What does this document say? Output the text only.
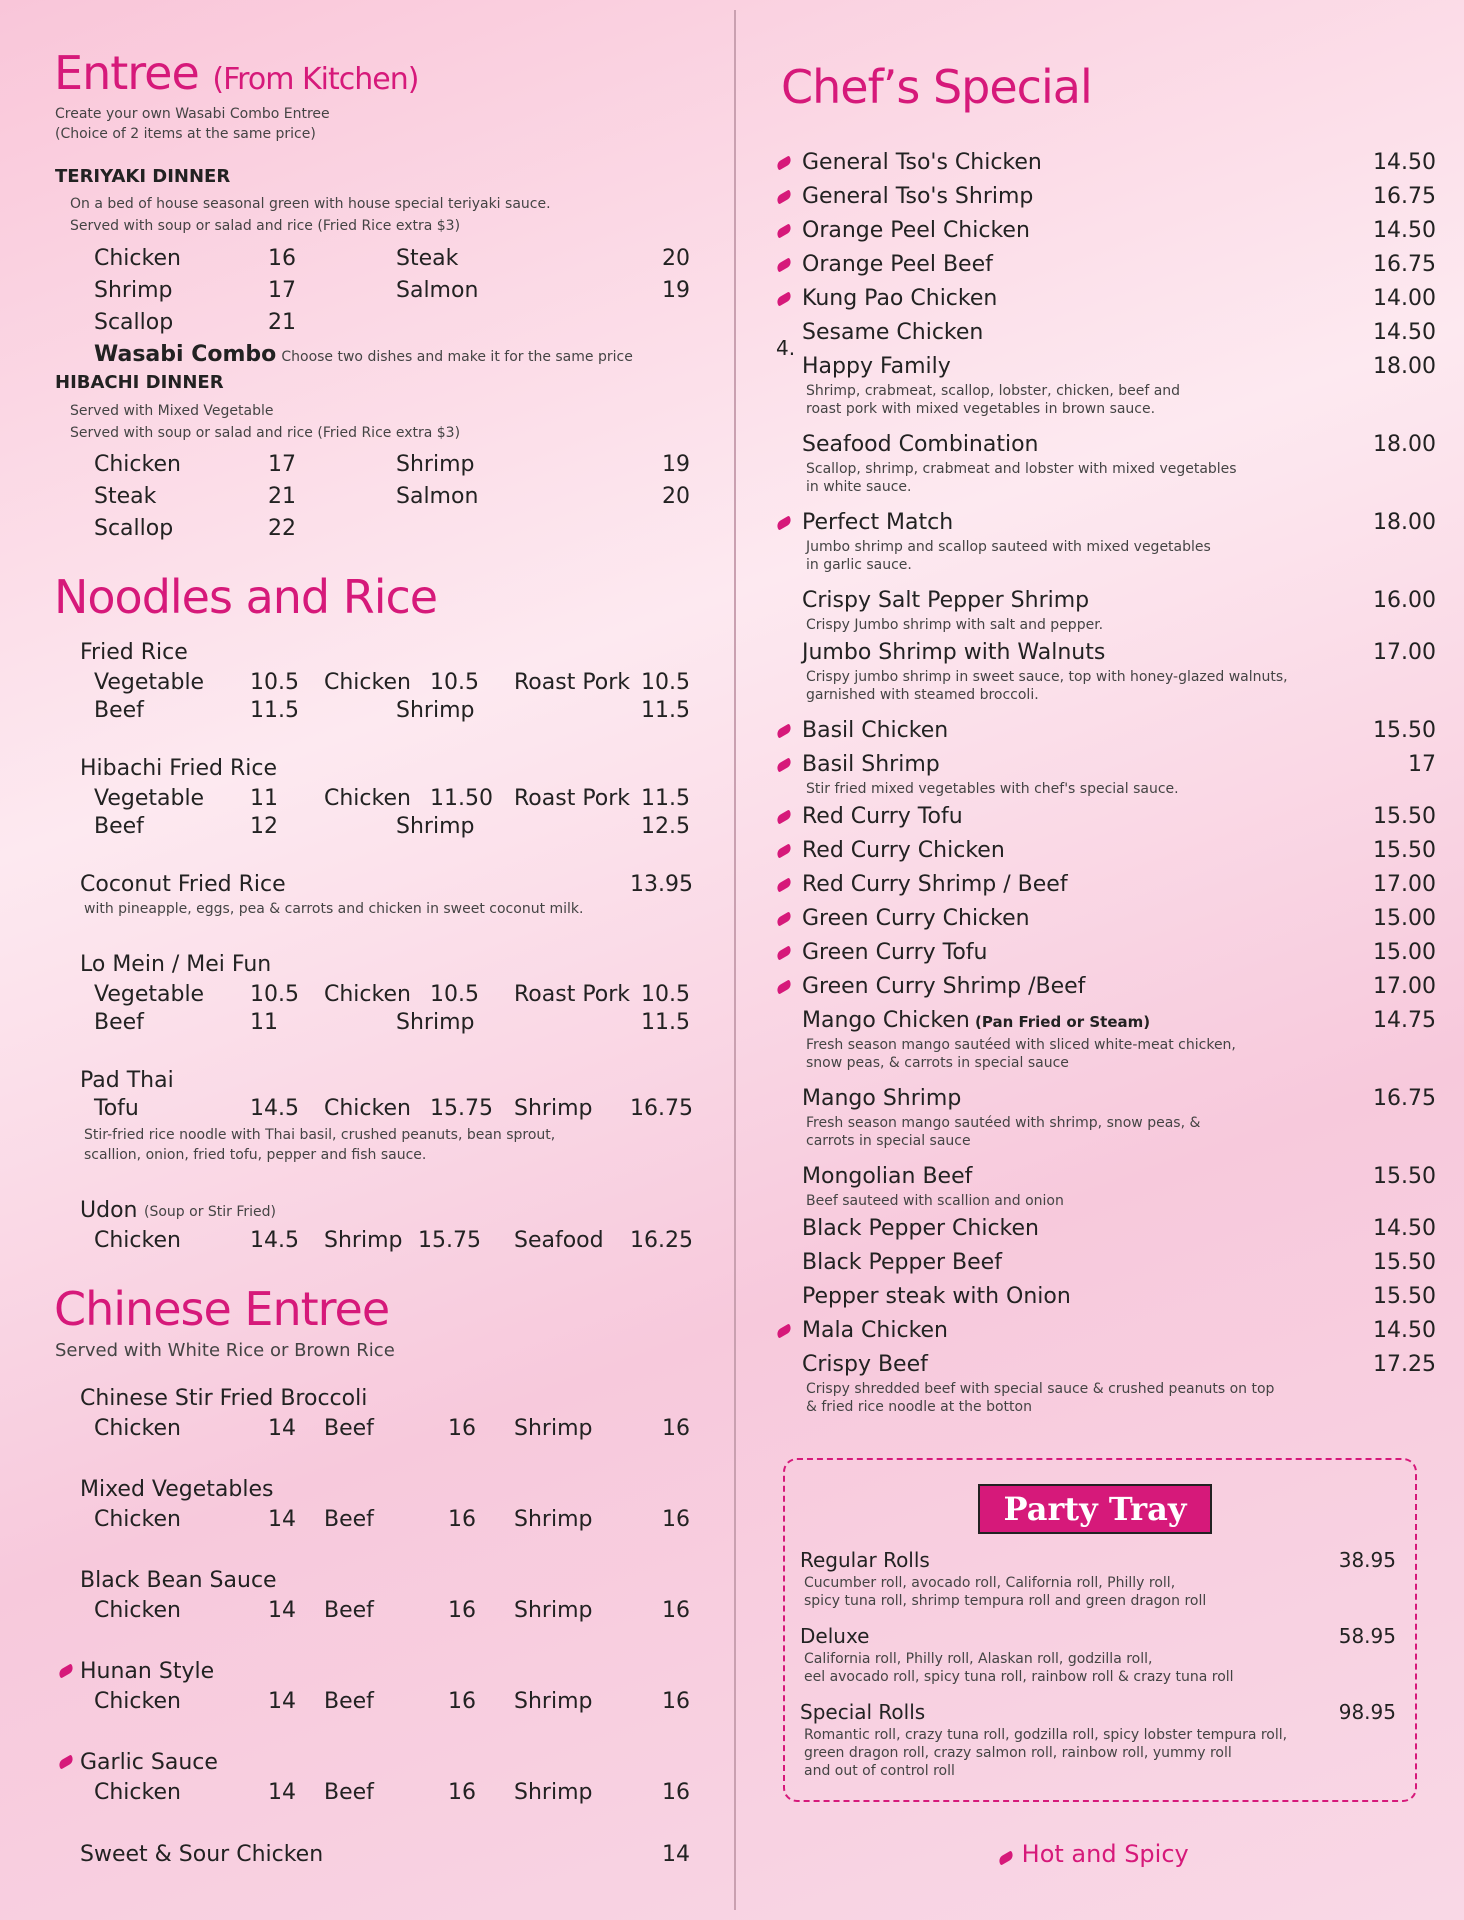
Entree (From Kitchen)
Create your own Wasabi Combo Entree
(Choice of 2 items at the same price)
TERIYAKI DINNER
On a bed of house seasonal green with house special teriyaki sauce.
Served with soup or salad and rice (Fried Rice extra $3)
Chicken	16	Steak	20
Shrimp	17	Salmon	19
Scallop	21
Wasabi Combo Choose two dishes and make it for the same price
HIBACHI DINNER
Served with Mixed Vegetable
Served with soup or salad and rice (Fried Rice extra $3)
Chicken	17	Shrimp	19
Steak	21	Salmon	20
Scallop	22
Noodles and Rice
Fried Rice
Vegetable 10.5 Chicken 10.5 Roast Pork 10.5
Beef	11.5	Shrimp	11.5
Hibachi Fried Rice
Vegetable 11 Chicken 11.50 Roast Pork 11.5
Beef	12	Shrimp	12.5
Coconut Fried Rice	13.95
with pineapple, eggs, pea & carrots and chicken in sweet coconut milk.
Lo Mein / Mei Fun
Vegetable 10.5 Chicken 10.5 Roast Pork 10.5
Beef	11	Shrimp	11.5
Pad Thai
Tofu	14.5 Chicken 15.75 Shrimp 16.75
Stir-fried rice noodle with Thai basil, crushed peanuts, bean sprout,
scallion, onion, fried tofu, pepper and fish sauce.
Udon (Soup or Stir Fried)
Chicken	14.5 Shrimp 15.75 Seafood 16.25
Chinese Entree
Served with White Rice or Brown Rice
Chinese Stir Fried Broccoli
Chicken	14 Beef	16 Shrimp	16
Mixed Vegetables
Chicken	14 Beef	16 Shrimp	16
Black Bean Sauce
Chicken	14 Beef	16 Shrimp	16
Hunan Style
Chicken	14 Beef	16 Shrimp	16
Garlic Sauce
Chicken	14 Beef	16 Shrimp	16
Sweet & Sour Chicken	14
Chef’s Special
4.
General Tso's Chicken	14.50
General Tso's Shrimp	16.75
Orange Peel Chicken	14.50
Orange Peel Beef	16.75
Kung Pao Chicken	14.00
Sesame Chicken	14.50
Happy Family	18.00
Shrimp, crabmeat, scallop, lobster, chicken, beef and
roast pork with mixed vegetables in brown sauce.
Seafood Combination	18.00
Scallop, shrimp, crabmeat and lobster with mixed vegetables
in white sauce.
Perfect Match	18.00
Jumbo shrimp and scallop sauteed with mixed vegetables
in garlic sauce.
Crispy Salt Pepper Shrimp	16.00
Crispy Jumbo shrimp with salt and pepper.
Jumbo Shrimp with Walnuts	17.00
Crispy jumbo shrimp in sweet sauce, top with honey-glazed walnuts,
garnished with steamed broccoli.
Basil Chicken	15.50
Basil Shrimp	17
Stir fried mixed vegetables with chef's special sauce.
Red Curry Tofu	15.50
Red Curry Chicken	15.50
Red Curry Shrimp / Beef	17.00
Green Curry Chicken	15.00
Green Curry Tofu	15.00
Green Curry Shrimp /Beef	17.00
Mango Chicken (Pan Fried or Steam)	14.75
Fresh season mango sautéed with sliced white-meat chicken,
snow peas, & carrots in special sauce
Mango Shrimp	16.75
Fresh season mango sautéed with shrimp, snow peas, &
carrots in special sauce
Mongolian Beef	15.50
Beef sauteed with scallion and onion
Black Pepper Chicken	14.50
Black Pepper Beef	15.50
Pepper steak with Onion	15.50
Mala Chicken	14.50
Crispy Beef	17.25
Crispy shredded beef with special sauce & crushed peanuts on top
& fried rice noodle at the botton
Party Tray
Regular Rolls	38.95
Cucumber roll, avocado roll, California roll, Philly roll,
spicy tuna roll, shrimp tempura roll and green dragon roll
Deluxe	58.95
California roll, Philly roll, Alaskan roll, godzilla roll,
eel avocado roll, spicy tuna roll, rainbow roll & crazy tuna roll
Special Rolls	98.95
Romantic roll, crazy tuna roll, godzilla roll, spicy lobster tempura roll,
green dragon roll, crazy salmon roll, rainbow roll, yummy roll
and out of control roll
Hot and Spicy
